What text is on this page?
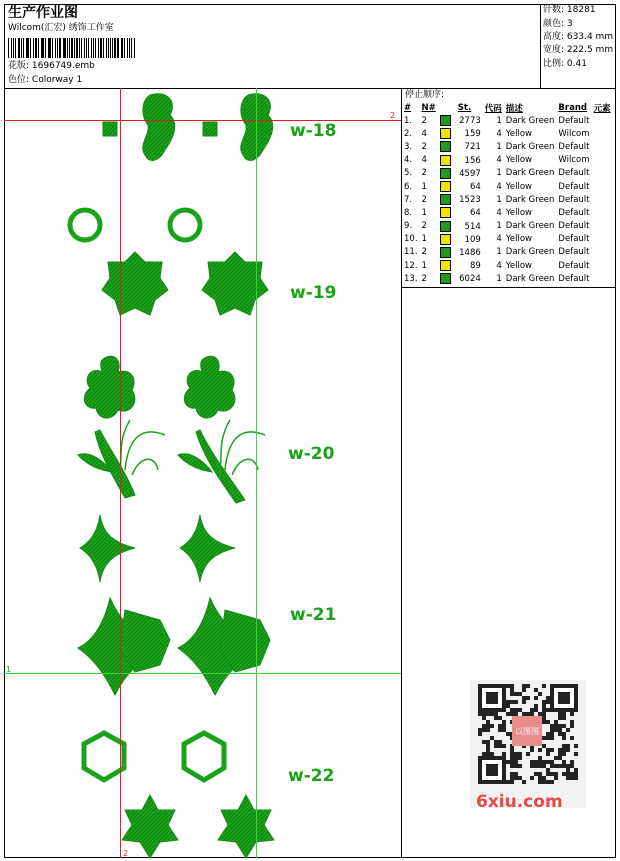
生产作业图
Wilcom(汇宏) 绣饰工作室
花版: 1696749.emb
色位: Colorway 1
针数: 18281
颜色: 3
高度: 633.4 mm
宽度: 222.5 mm
比例: 0.41
停止顺序:
#	N#	St.	代码	描述	Brand	元素
1.	2	2773	1	Dark Green	Default	
2.	4	159	4	Yellow	Wilcom	
3.	2	721	1	Dark Green	Default	
4.	4	156	4	Yellow	Wilcom	
5.	2	4597	1	Dark Green	Default	
6.	1	64	4	Yellow	Default	
7.	2	1523	1	Dark Green	Default	
8.	1	64	4	Yellow	Default	
9.	2	514	1	Dark Green	Default	
10.	1	109	4	Yellow	Default	
11.	2	1486	1	Dark Green	Default	
12.	1	89	4	Yellow	Default	
13.	2	6024	1	Dark Green	Default	
2
2
1
w-18
w-19
w-20
w-21
w-22
以图图
6xiu.com
